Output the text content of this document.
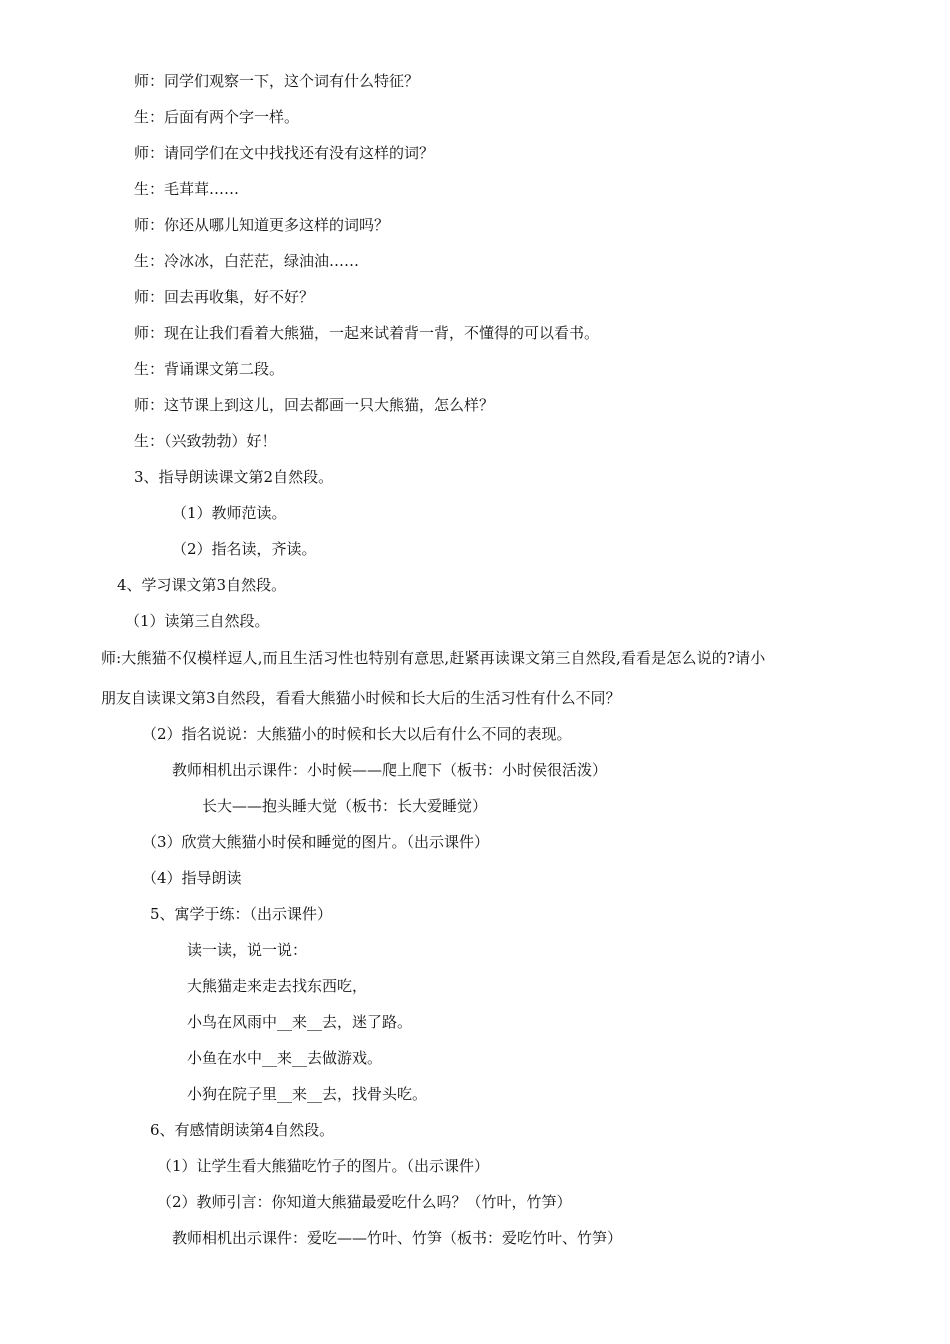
师：同学们观察一下，这个词有什么特征？
生：后面有两个字一样。
师：请同学们在文中找找还有没有这样的词？
生：毛茸茸……
师：你还从哪儿知道更多这样的词吗？
生：冷冰冰，白茫茫，绿油油……
师：回去再收集，好不好？
师：现在让我们看着大熊猫，一起来试着背一背，不懂得的可以看书。
生：背诵课文第二段。
师：这节课上到这儿，回去都画一只大熊猫，怎么样？
生：（兴致勃勃）好！
3、指导朗读课文第2自然段。
（1）教师范读。
（2）指名读，齐读。
4、学习课文第3自然段。
（1）读第三自然段。
师:大熊猫不仅模样逗人,而且生活习性也特别有意思,赶紧再读课文第三自然段,看看是怎么说的?请小
朋友自读课文第3自然段，看看大熊猫小时候和长大后的生活习性有什么不同？
（2）指名说说：大熊猫小的时候和长大以后有什么不同的表现。
教师相机出示课件：小时候——爬上爬下（板书：小时侯很活泼）
长大——抱头睡大觉（板书：长大爱睡觉）
（3）欣赏大熊猫小时侯和睡觉的图片。（出示课件）
（4）指导朗读
5、寓学于练：（出示课件）
读一读，说一说：
大熊猫走来走去找东西吃，
小鸟在风雨中__来__去，迷了路。
小鱼在水中__来__去做游戏。
小狗在院子里__来__去，找骨头吃。
6、有感情朗读第4自然段。
（1）让学生看大熊猫吃竹子的图片。（出示课件）
（2）教师引言：你知道大熊猫最爱吃什么吗？（竹叶，竹笋）
教师相机出示课件：爱吃——竹叶、竹笋（板书：爱吃竹叶、竹笋）
